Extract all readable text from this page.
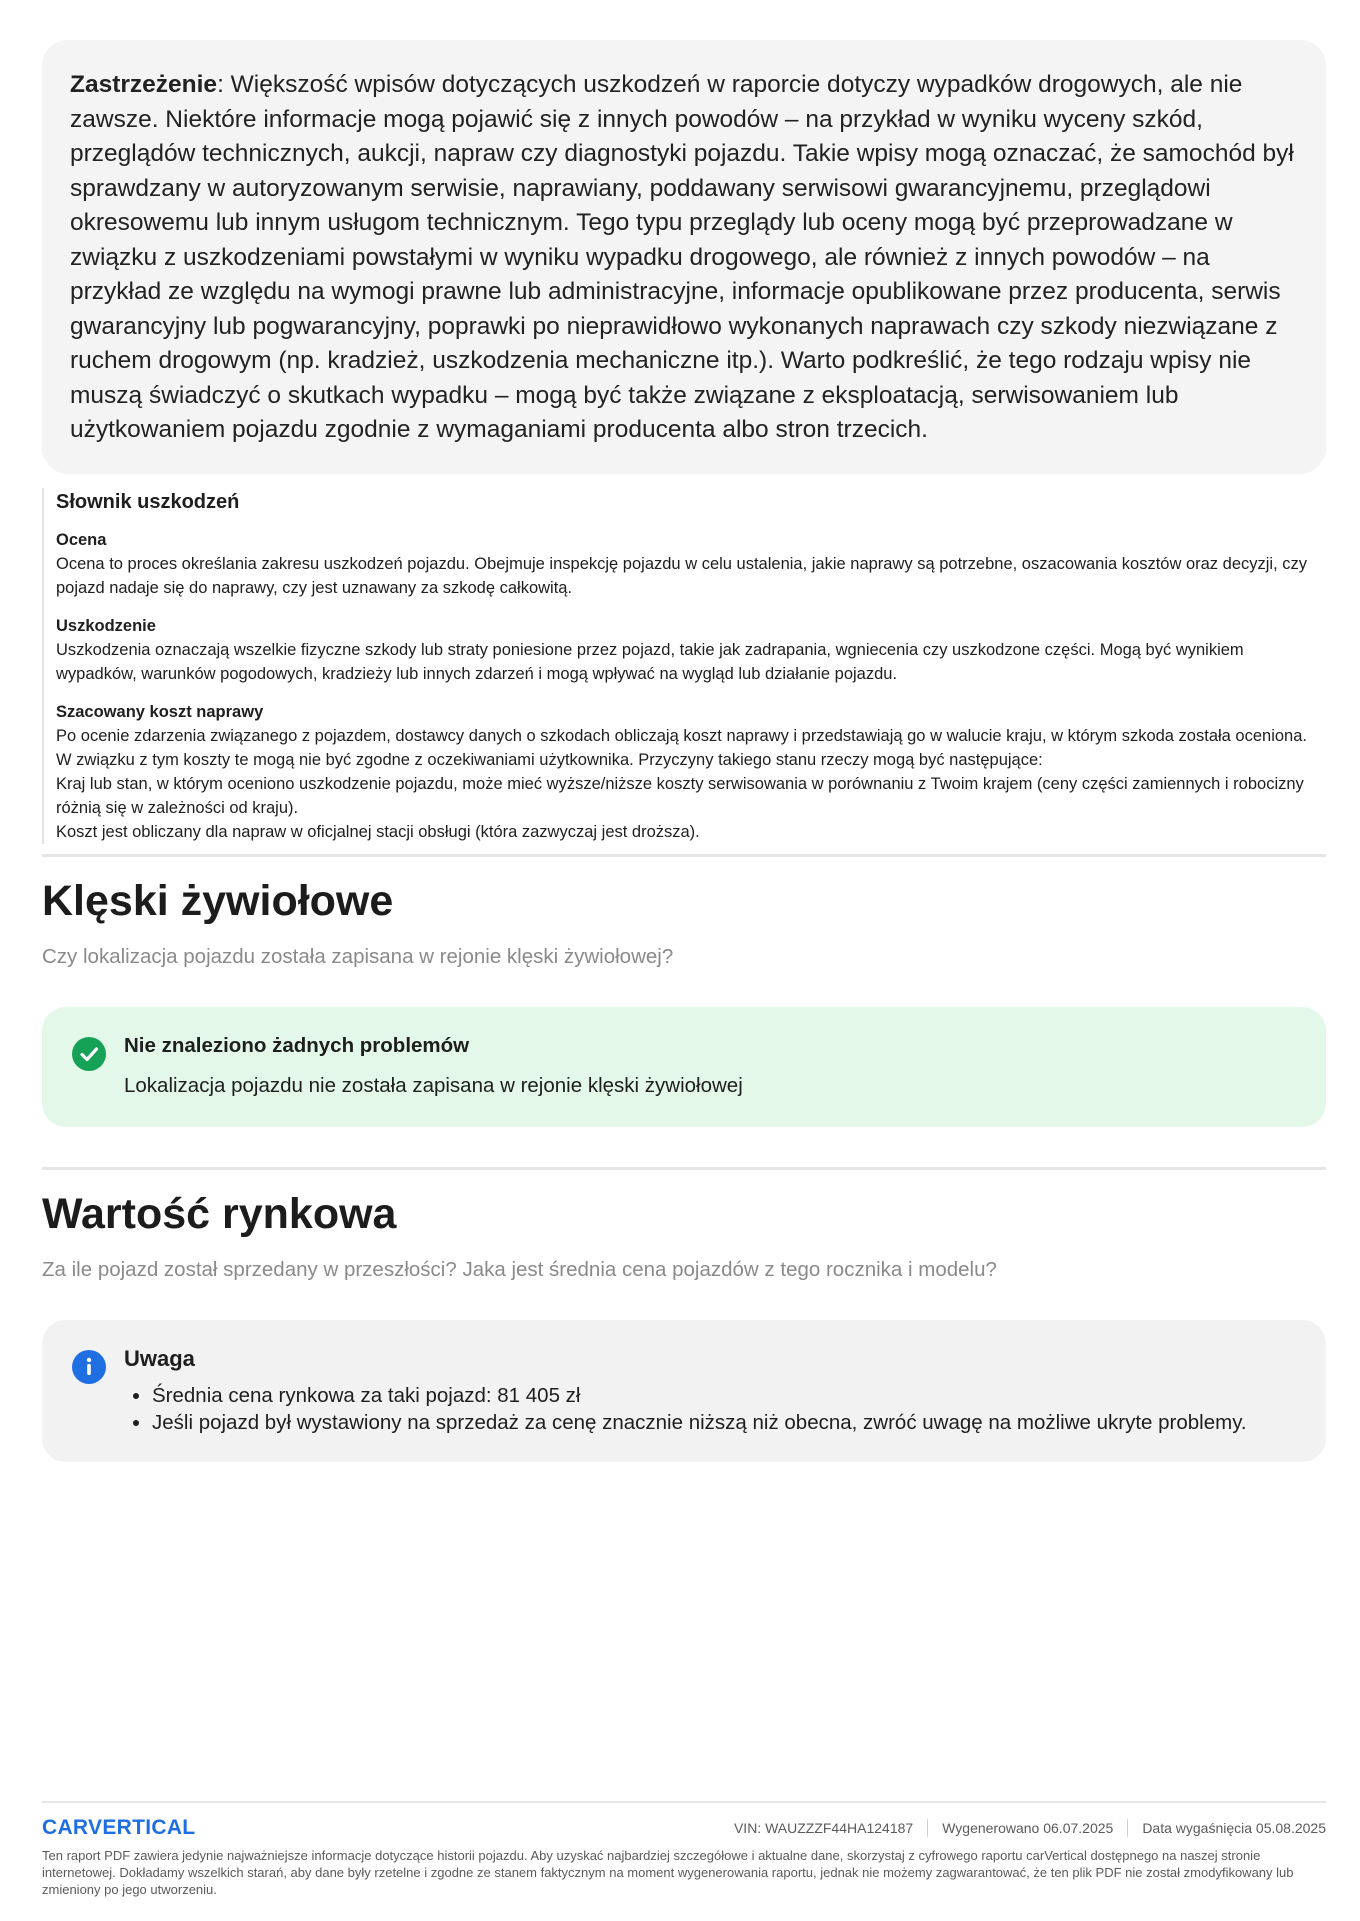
Zastrzeżenie: Większość wpisów dotyczących uszkodzeń w raporcie dotyczy wypadków drogowych, ale nie zawsze. Niektóre informacje mogą pojawić się z innych powodów – na przykład w wyniku wyceny szkód, przeglądów technicznych, aukcji, napraw czy diagnostyki pojazdu. Takie wpisy mogą oznaczać, że samochód był sprawdzany w autoryzowanym serwisie, naprawiany, poddawany serwisowi gwarancyjnemu, przeglądowi okresowemu lub innym usługom technicznym. Tego typu przeglądy lub oceny mogą być przeprowadzane w związku z uszkodzeniami powstałymi w wyniku wypadku drogowego, ale również z innych powodów – na przykład ze względu na wymogi prawne lub administracyjne, informacje opublikowane przez producenta, serwis gwarancyjny lub pogwarancyjny, poprawki po nieprawidłowo wykonanych naprawach czy szkody niezwiązane z ruchem drogowym (np. kradzież, uszkodzenia mechaniczne itp.). Warto podkreślić, że tego rodzaju wpisy nie muszą świadczyć o skutkach wypadku – mogą być także związane z eksploatacją, serwisowaniem lub użytkowaniem pojazdu zgodnie z wymaganiami producenta albo stron trzecich.
Słownik uszkodzeń
Ocena

Ocena to proces określania zakresu uszkodzeń pojazdu. Obejmuje inspekcję pojazdu w celu ustalenia, jakie naprawy są potrzebne, oszacowania kosztów oraz decyzji, czy pojazd nadaje się do naprawy, czy jest uznawany za szkodę całkowitą.

Uszkodzenie

Uszkodzenia oznaczają wszelkie fizyczne szkody lub straty poniesione przez pojazd, takie jak zadrapania, wgniecenia czy uszkodzone części. Mogą być wynikiem wypadków, warunków pogodowych, kradzieży lub innych zdarzeń i mogą wpływać na wygląd lub działanie pojazdu.

Szacowany koszt naprawy

Po ocenie zdarzenia związanego z pojazdem, dostawcy danych o szkodach obliczają koszt naprawy i przedstawiają go w walucie kraju, w którym szkoda została oceniona. W związku z tym koszty te mogą nie być zgodne z oczekiwaniami użytkownika. Przyczyny takiego stanu rzeczy mogą być następujące:

Kraj lub stan, w którym oceniono uszkodzenie pojazdu, może mieć wyższe/niższe koszty serwisowania w porównaniu z Twoim krajem (ceny części zamiennych i robocizny różnią się w zależności od kraju).

Koszt jest obliczany dla napraw w oficjalnej stacji obsługi (która zazwyczaj jest droższa).

Klęski żywiołowe
Czy lokalizacja pojazdu została zapisana w rejonie klęski żywiołowej?
Nie znaleziono żadnych problemów
Lokalizacja pojazdu nie została zapisana w rejonie klęski żywiołowej
Wartość rynkowa
Za ile pojazd został sprzedany w przeszłości? Jaka jest średnia cena pojazdów z tego rocznika i modelu?
Uwaga
• Średnia cena rynkowa za taki pojazd: 81 405 zł
• Jeśli pojazd był wystawiony na sprzedaż za cenę znacznie niższą niż obecna, zwróć uwagę na możliwe ukryte problemy.
CARVERTICAL	VIN: WAUZZZF44HA124187 Wygenerowano 06.07.2025 Data wygaśnięcia 05.08.2025
Ten raport PDF zawiera jedynie najważniejsze informacje dotyczące historii pojazdu. Aby uzyskać najbardziej szczegółowe i aktualne dane, skorzystaj z cyfrowego raportu carVertical dostępnego na naszej stronie internetowej. Dokładamy wszelkich starań, aby dane były rzetelne i zgodne ze stanem faktycznym na moment wygenerowania raportu, jednak nie możemy zagwarantować, że ten plik PDF nie został zmodyfikowany lub zmieniony po jego utworzeniu.
